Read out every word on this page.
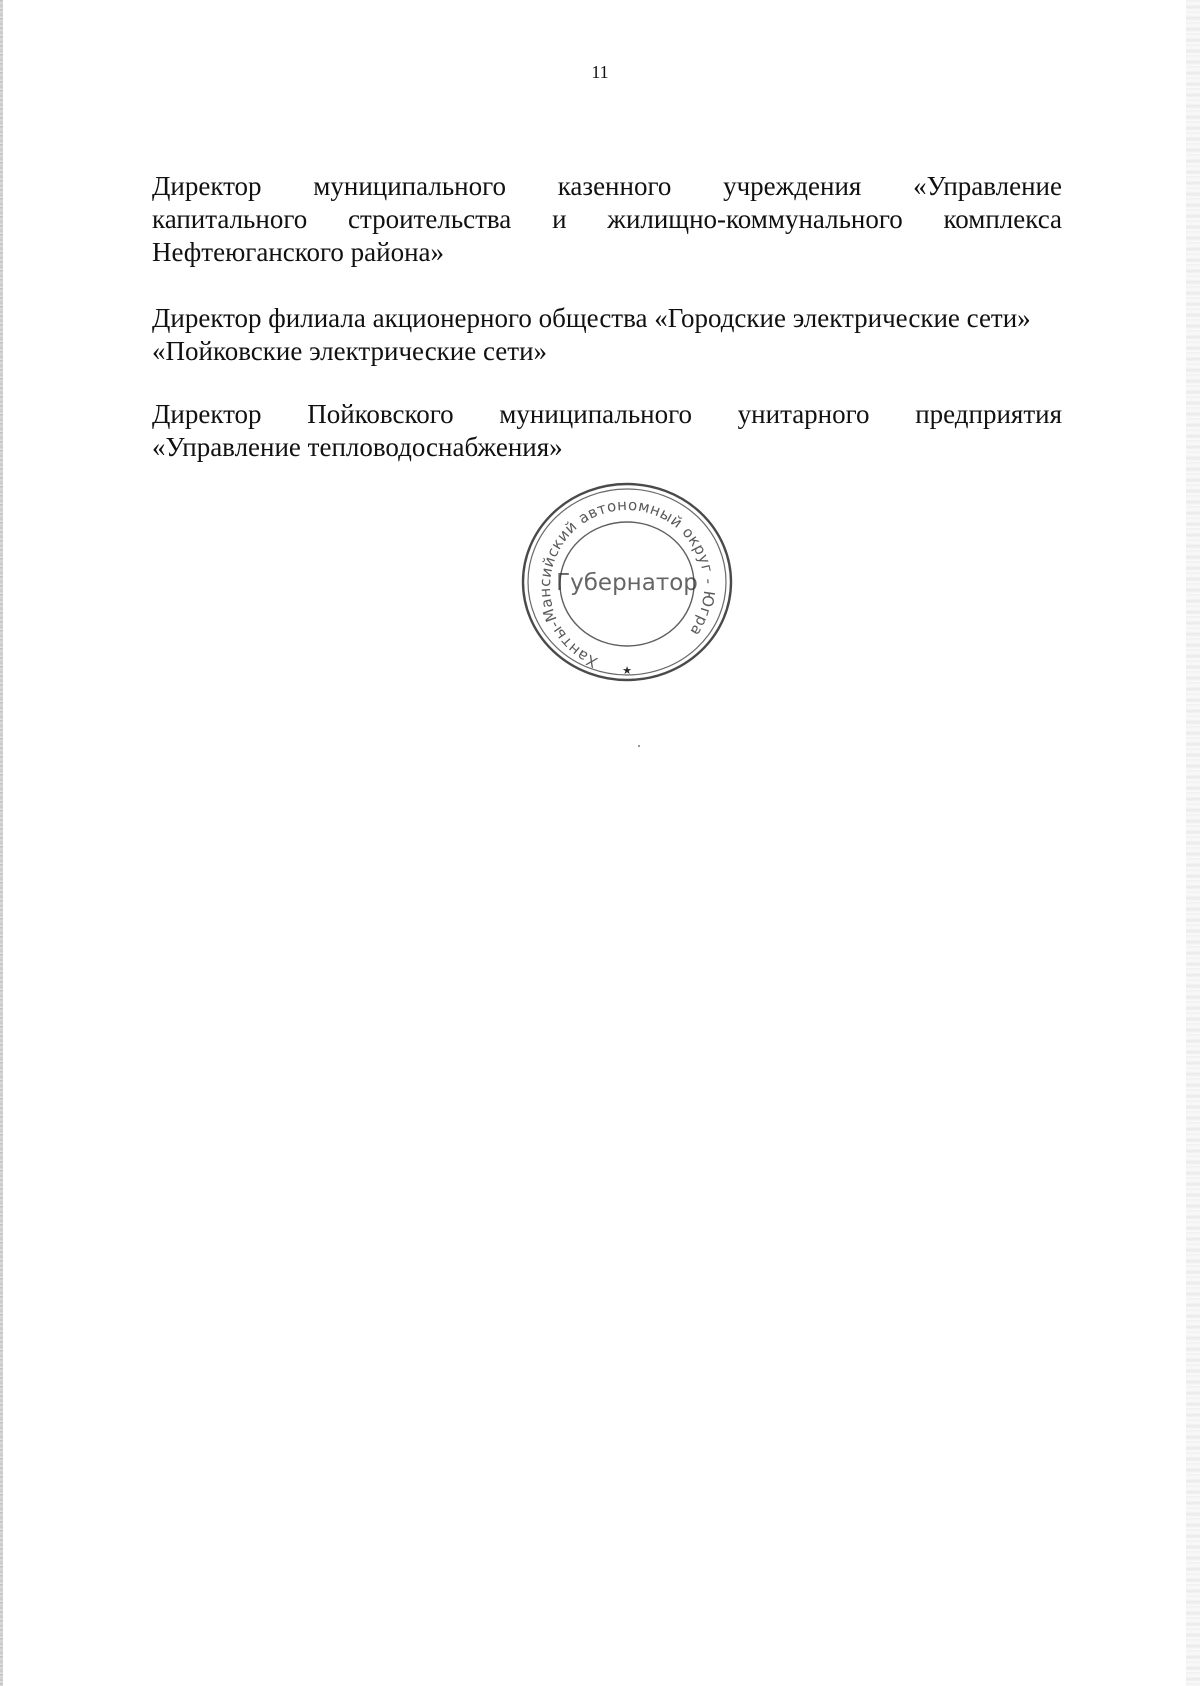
11
Директор муниципального казенного учреждения «Управление
капитального строительства и жилищно-коммунального комплекса
Нефтеюганского района»
Директор филиала акционерного общества «Городские электрические сети»
«Пойковские электрические сети»
Директор Пойковского муниципального унитарного предприятия
«Управление тепловодоснабжения»
Ханты-Мансийский автономный округ - Югра
Губернатор
★
